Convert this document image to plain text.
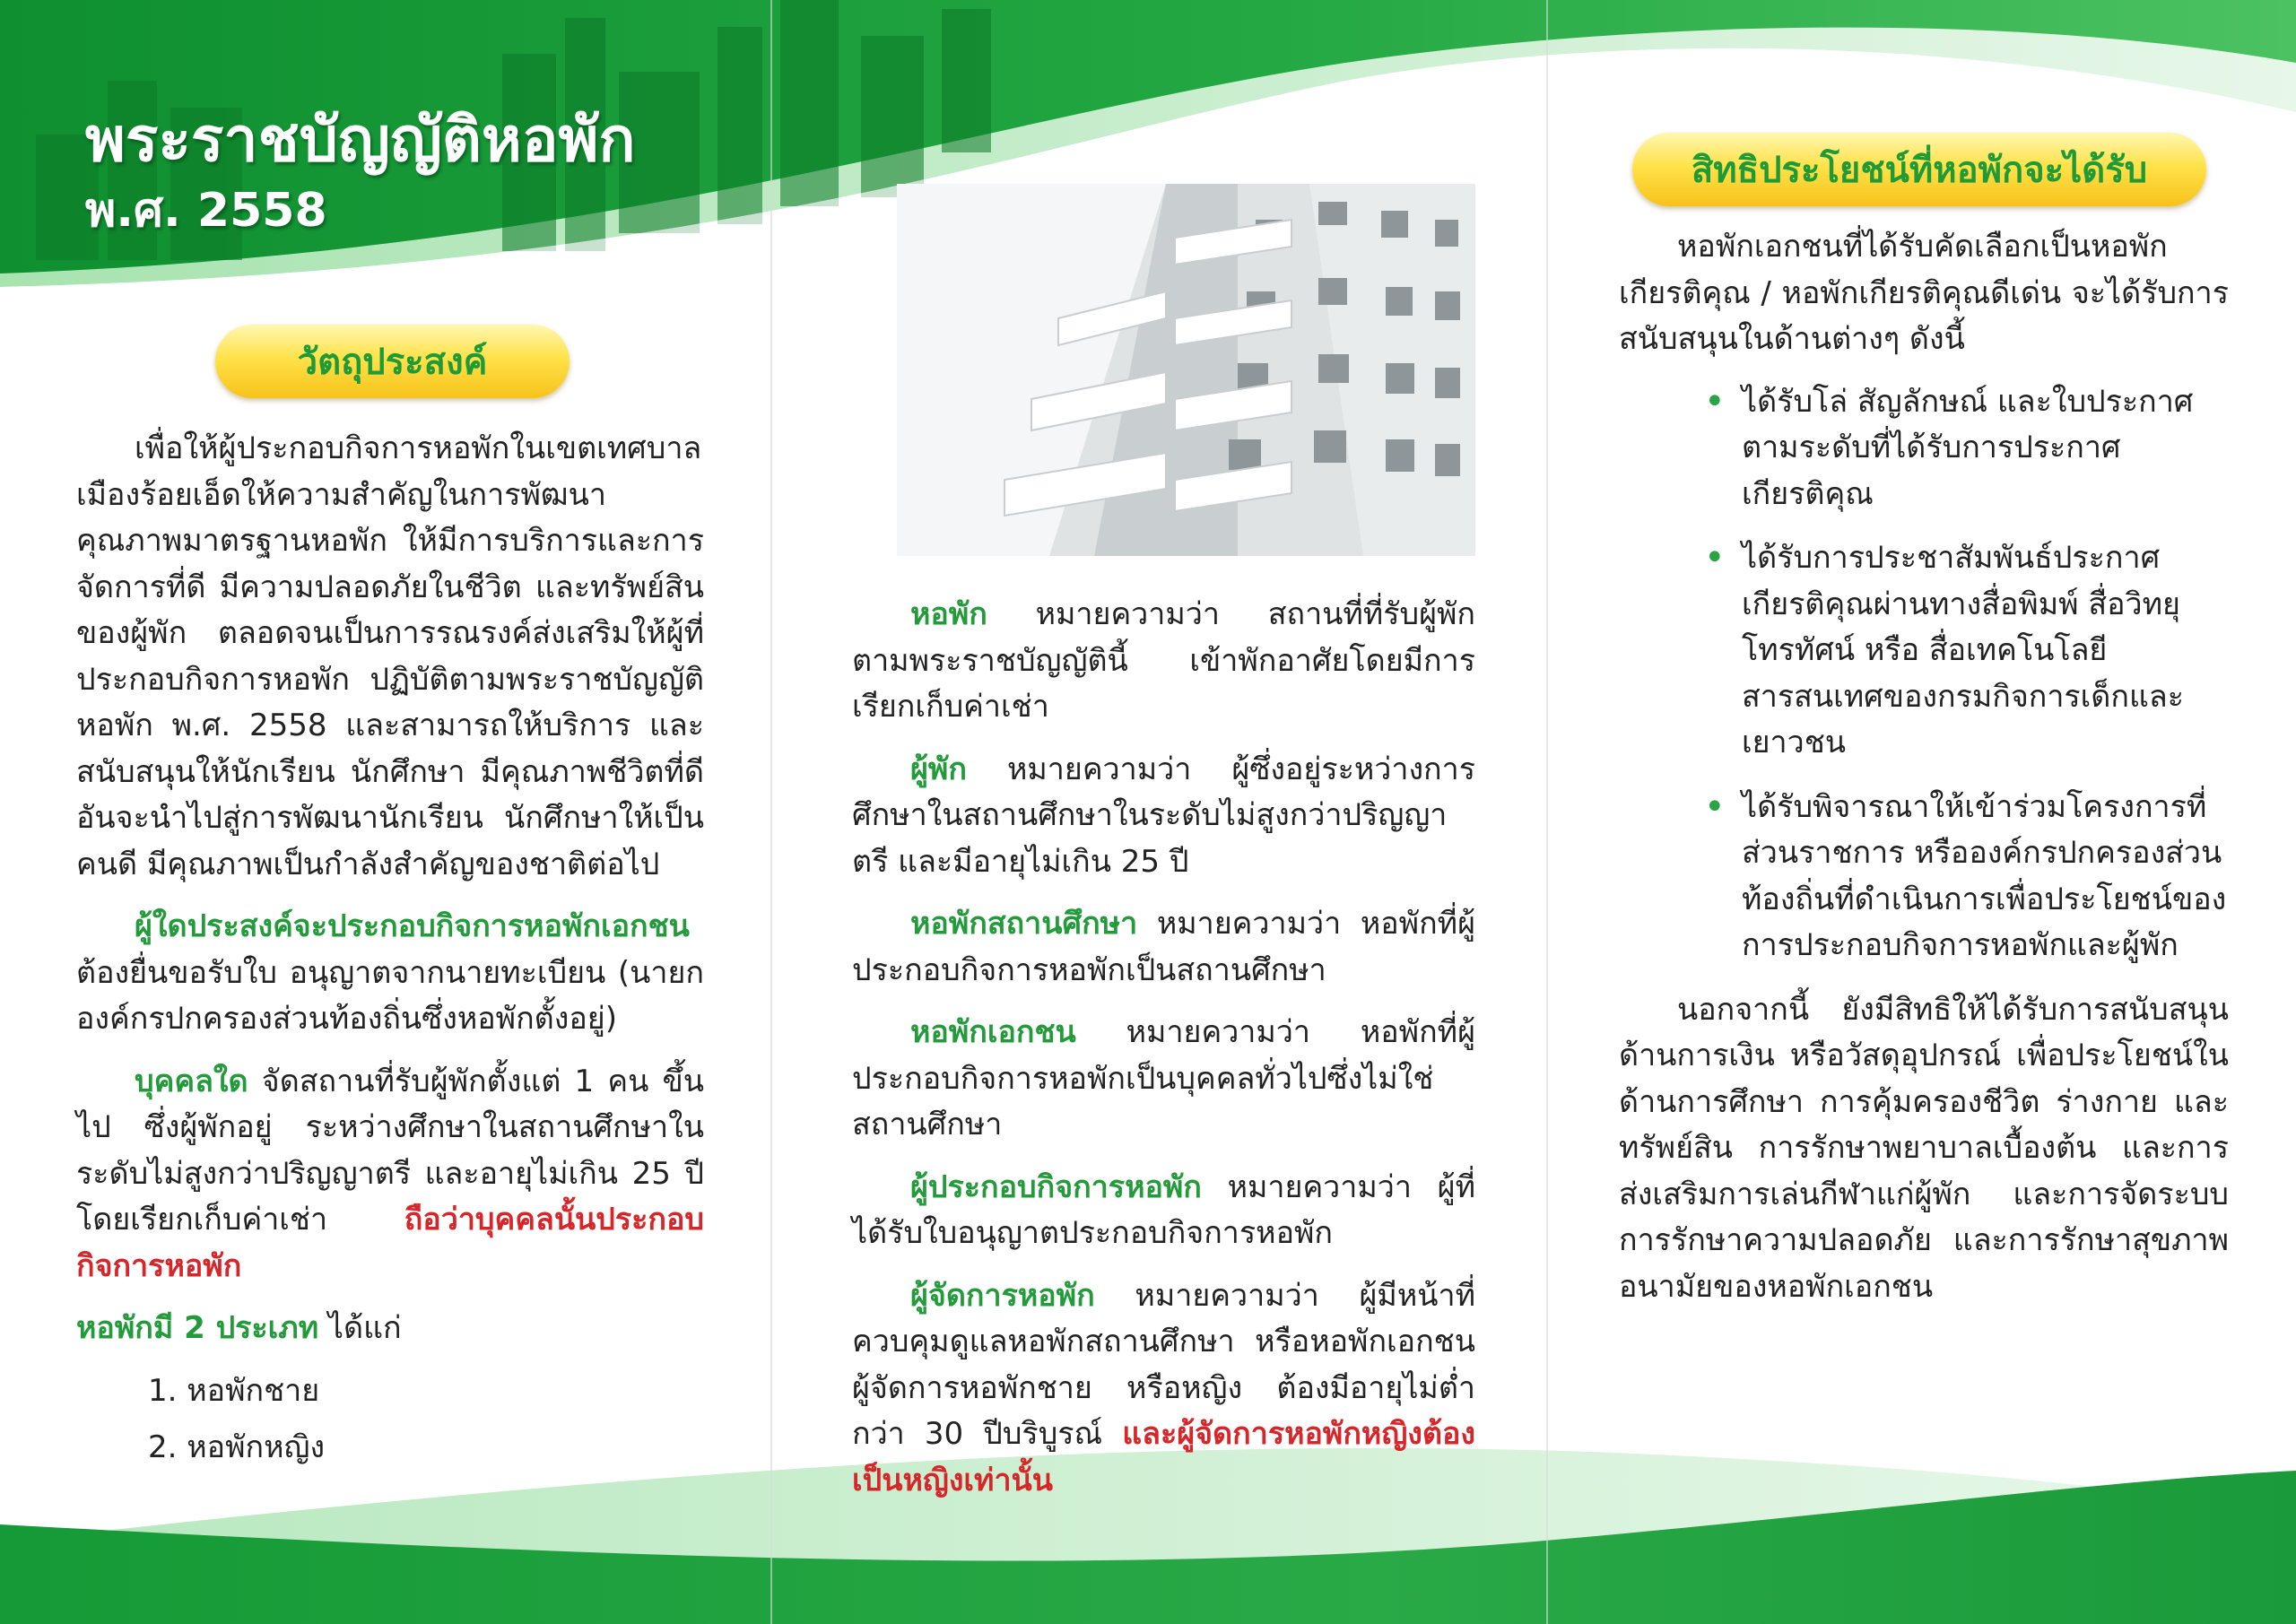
พระราชบัญญัติหอพัก
พ.ศ. 2558
วัตถุประสงค์
สิทธิประโยชน์ที่หอพักจะได้รับ

เพื่อให้ผู้ประกอบกิจการหอพักในเขตเทศบาลเมืองร้อยเอ็ดให้ความสำคัญในการพัฒนาคุณภาพมาตรฐานหอพัก ให้มีการบริการและการจัดการที่ดี มีความปลอดภัยในชีวิต และทรัพย์สินของผู้พัก ตลอดจนเป็นการรณรงค์ส่งเสริมให้ผู้ที่ประกอบกิจการหอพัก ปฏิบัติตามพระราชบัญญัติหอพัก พ.ศ. 2558 และสามารถให้บริการ และสนับสนุนให้นักเรียน นักศึกษา มีคุณภาพชีวิตที่ดีอันจะนำไปสู่การพัฒนานักเรียน นักศึกษาให้เป็นคนดี มีคุณภาพเป็นกำลังสำคัญของชาติต่อไป

ผู้ใดประสงค์จะประกอบกิจการหอพักเอกชน ต้องยื่นขอรับใบ อนุญาตจากนายทะเบียน (นายกองค์กรปกครองส่วนท้องถิ่นซึ่งหอพักตั้งอยู่)

บุคคลใด จัดสถานที่รับผู้พักตั้งแต่ 1 คน ขึ้นไป ซึ่งผู้พักอยู่ ระหว่างศึกษาในสถานศึกษาในระดับไม่สูงกว่าปริญญาตรี และอายุไม่เกิน 25 ปี โดยเรียกเก็บค่าเช่า ถือว่าบุคคลนั้นประกอบกิจการหอพัก

หอพักมี 2 ประเภท ได้แก่

1. หอพักชาย
2. หอพักหญิง

หอพัก หมายความว่า สถานที่ที่รับผู้พักตามพระราชบัญญัตินี้ เข้าพักอาศัยโดยมีการเรียกเก็บค่าเช่า

ผู้พัก หมายความว่า ผู้ซึ่งอยู่ระหว่างการศึกษาในสถานศึกษาในระดับไม่สูงกว่าปริญญาตรี และมีอายุไม่เกิน 25 ปี

หอพักสถานศึกษา หมายความว่า หอพักที่ผู้ประกอบกิจการหอพักเป็นสถานศึกษา

หอพักเอกชน หมายความว่า หอพักที่ผู้ประกอบกิจการหอพักเป็นบุคคลทั่วไปซึ่งไม่ใช่สถานศึกษา

ผู้ประกอบกิจการหอพัก หมายความว่า ผู้ที่ได้รับใบอนุญาตประกอบกิจการหอพัก

ผู้จัดการหอพัก หมายความว่า ผู้มีหน้าที่ควบคุมดูแลหอพักสถานศึกษา หรือหอพักเอกชน ผู้จัดการหอพักชาย หรือหญิง ต้องมีอายุไม่ต่ำกว่า 30 ปีบริบูรณ์ และผู้จัดการหอพักหญิงต้องเป็นหญิงเท่านั้น

หอพักเอกชนที่ได้รับคัดเลือกเป็นหอพักเกียรติคุณ / หอพักเกียรติคุณดีเด่น จะได้รับการสนับสนุนในด้านต่างๆ ดังนี้

• ได้รับโล่ สัญลักษณ์ และใบประกาศตามระดับที่ได้รับการประกาศเกียรติคุณ
• ได้รับการประชาสัมพันธ์ประกาศเกียรติคุณผ่านทางสื่อพิมพ์ สื่อวิทยุโทรทัศน์ หรือ สื่อเทคโนโลยีสารสนเทศของกรมกิจการเด็กและเยาวชน
• ได้รับพิจารณาให้เข้าร่วมโครงการที่ส่วนราชการ หรือองค์กรปกครองส่วนท้องถิ่นที่ดำเนินการเพื่อประโยชน์ของการประกอบกิจการหอพักและผู้พัก

นอกจากนี้ ยังมีสิทธิให้ได้รับการสนับสนุนด้านการเงิน หรือวัสดุอุปกรณ์ เพื่อประโยชน์ในด้านการศึกษา การคุ้มครองชีวิต ร่างกาย และทรัพย์สิน การรักษาพยาบาลเบื้องต้น และการส่งเสริมการเล่นกีฬาแก่ผู้พัก และการจัดระบบการรักษาความปลอดภัย และการรักษาสุขภาพอนามัยของหอพักเอกชน
